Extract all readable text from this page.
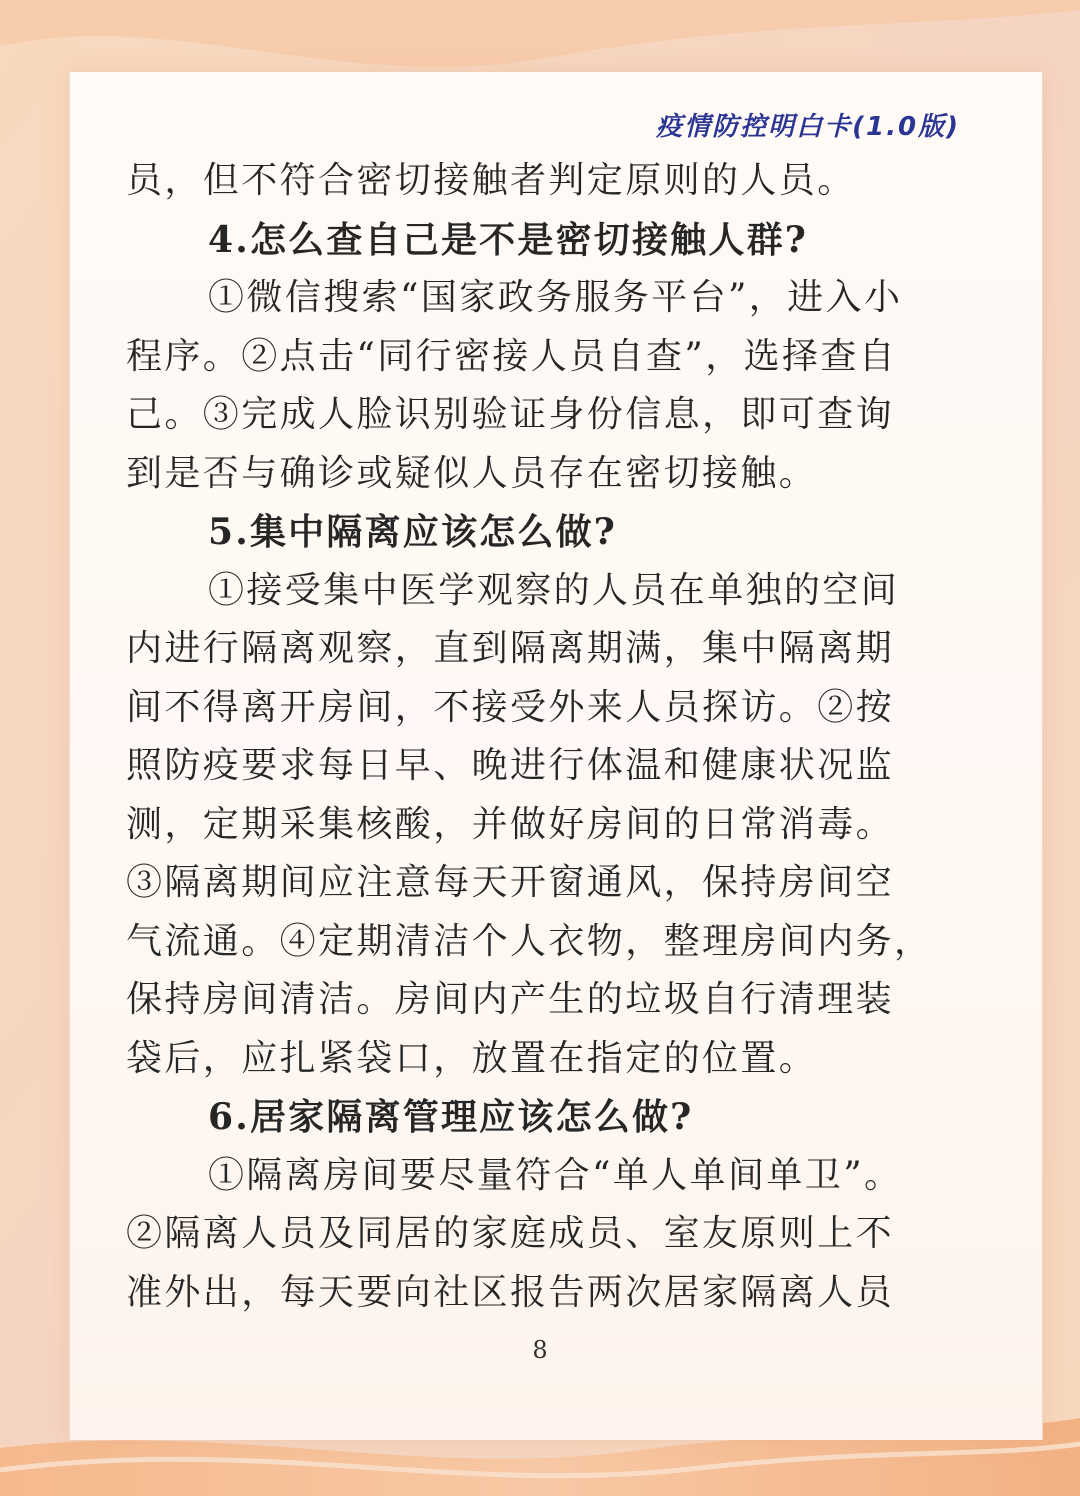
疫情防控明白卡(1.0版)
员，但不符合密切接触者判定原则的人员。
4.怎么查自己是不是密切接触人群?
①微信搜索“国家政务服务平台”，进入小
程序。②点击“同行密接人员自查”，选择查自
己。③完成人脸识别验证身份信息，即可查询
到是否与确诊或疑似人员存在密切接触。
5.集中隔离应该怎么做?
①接受集中医学观察的人员在单独的空间
内进行隔离观察，直到隔离期满，集中隔离期
间不得离开房间，不接受外来人员探访。②按
照防疫要求每日早、晚进行体温和健康状况监
测，定期采集核酸，并做好房间的日常消毒。
③隔离期间应注意每天开窗通风，保持房间空
气流通。④定期清洁个人衣物，整理房间内务，
保持房间清洁。房间内产生的垃圾自行清理装
袋后，应扎紧袋口，放置在指定的位置。
6.居家隔离管理应该怎么做?
①隔离房间要尽量符合“单人单间单卫”。
②隔离人员及同居的家庭成员、室友原则上不
准外出，每天要向社区报告两次居家隔离人员
8
